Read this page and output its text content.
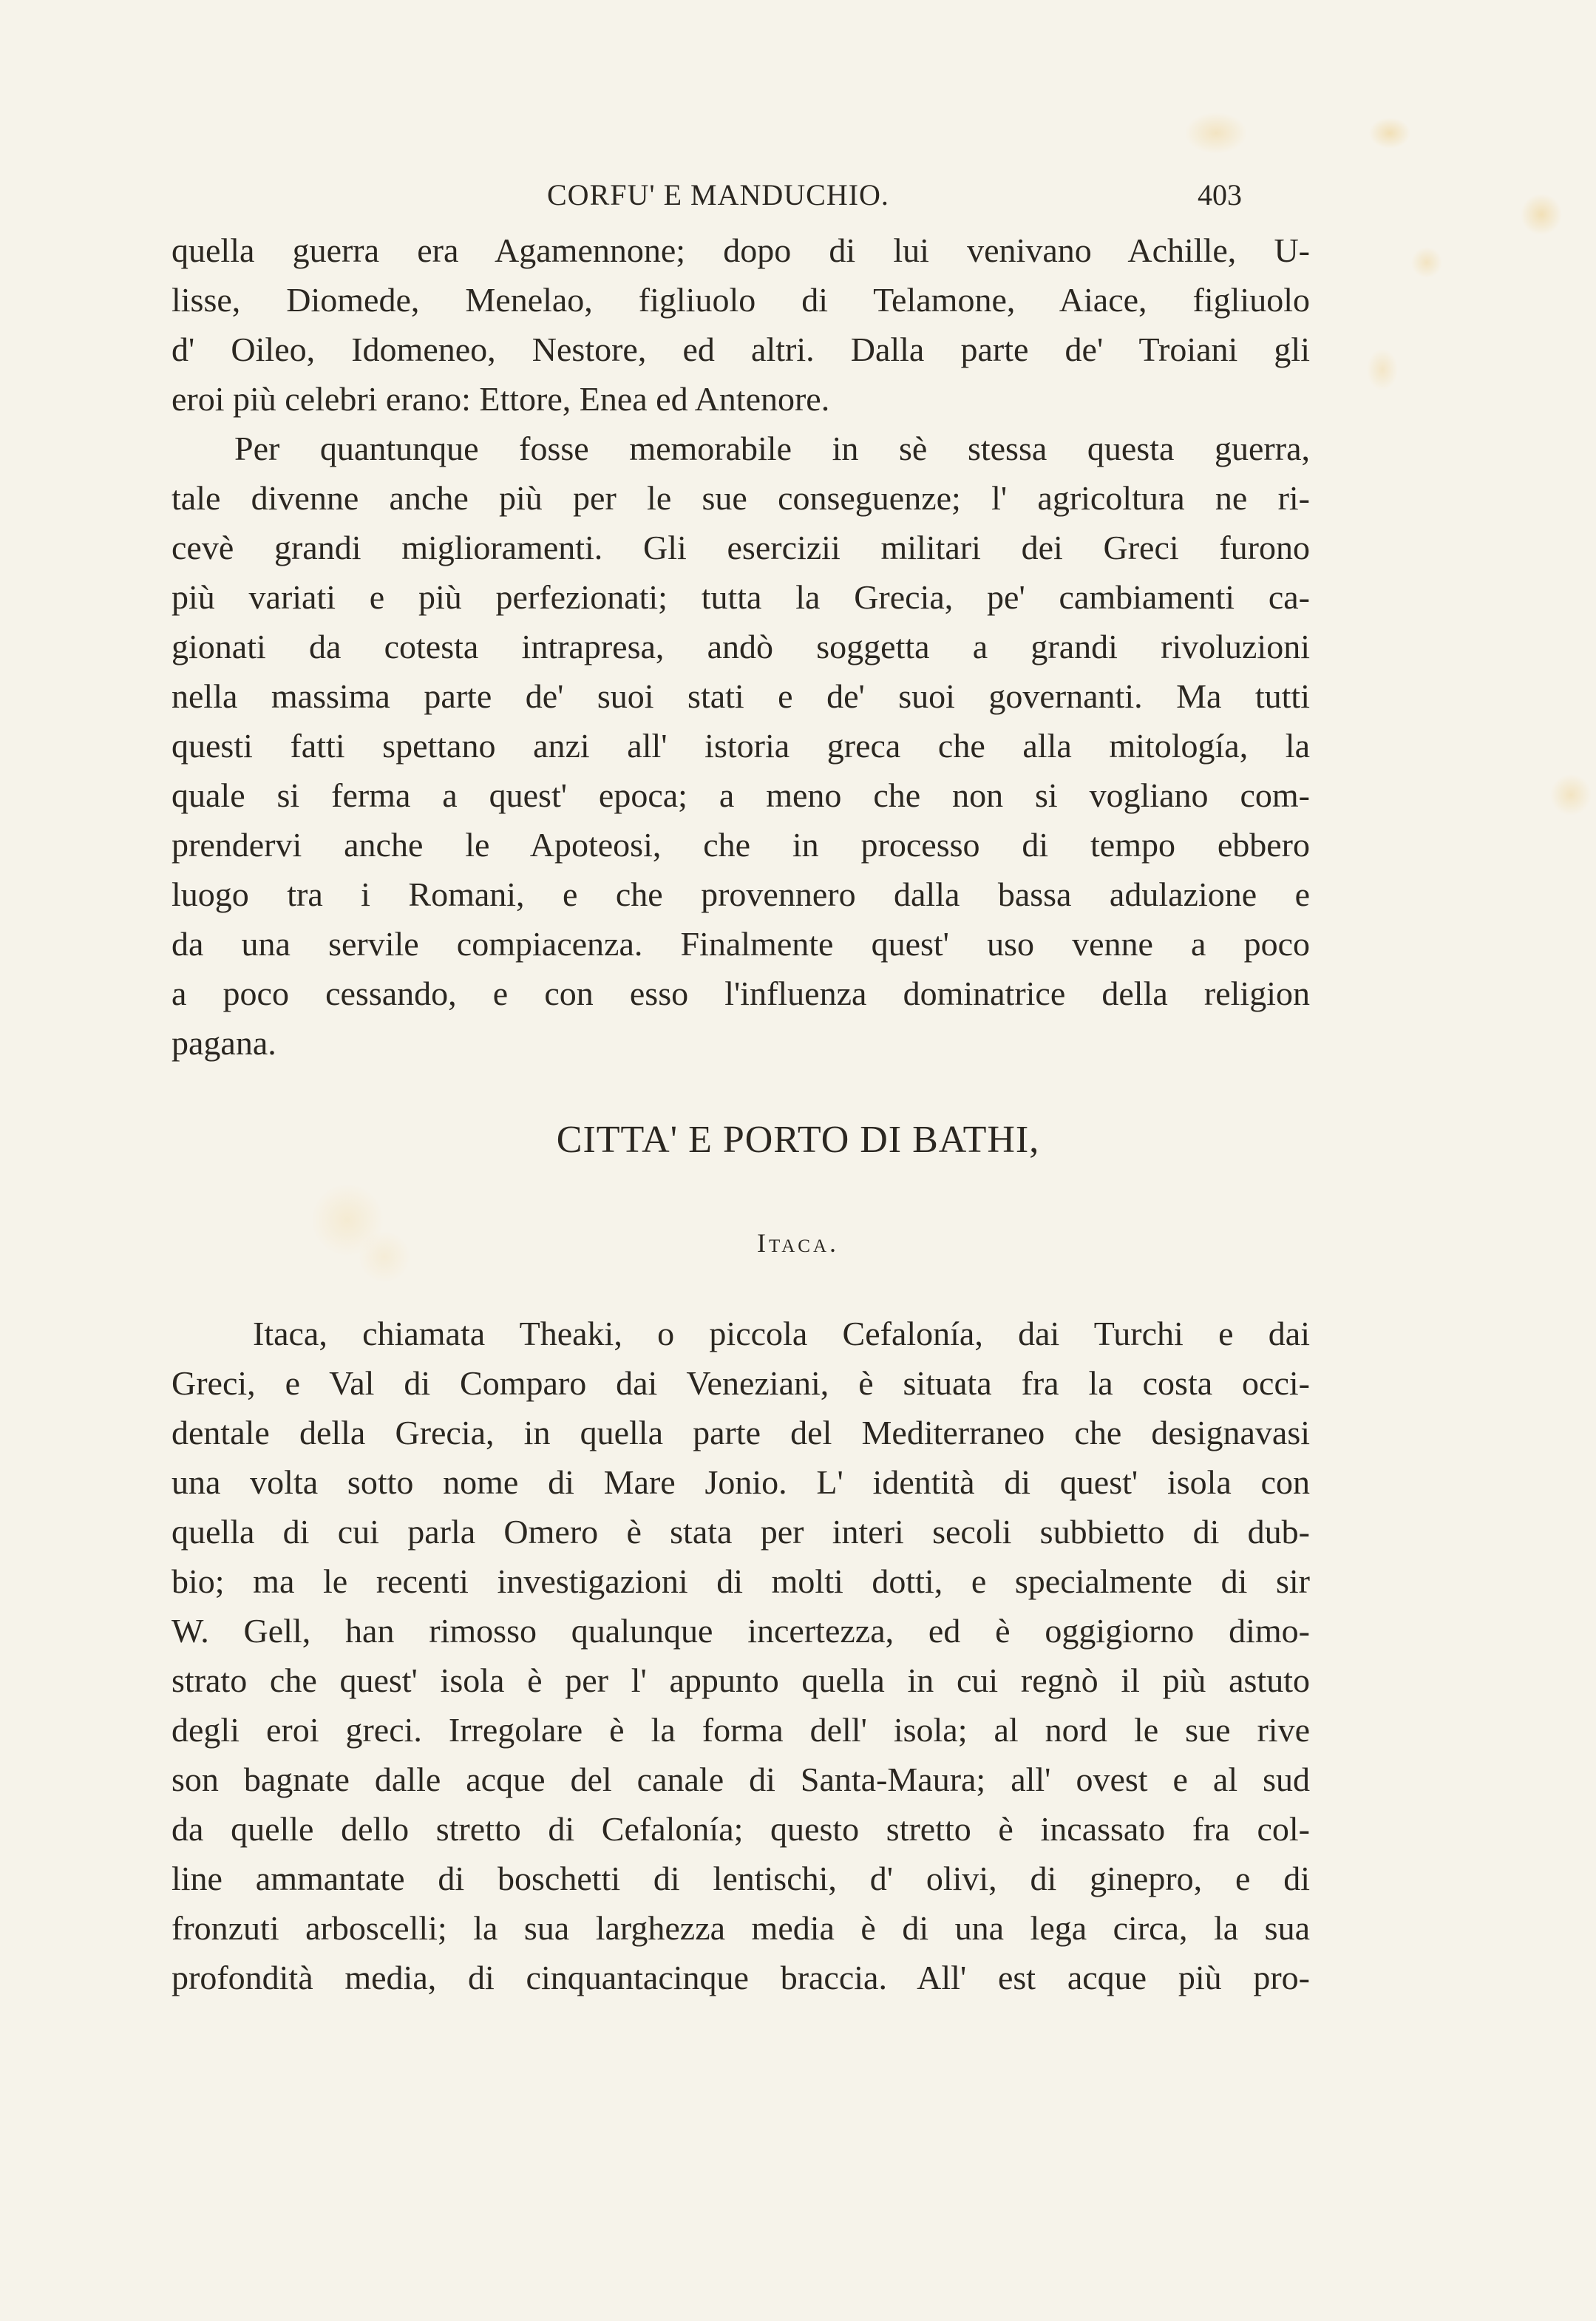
CORFU' E MANDUCHIO.	403
quella guerra era Agamennone; dopo di lui venivano Achille, U-
lisse, Diomede, Menelao, figliuolo di Telamone, Aiace, figliuolo
d' Oileo, Idomeneo, Nestore, ed altri. Dalla parte de' Troiani gli
eroi più celebri erano: Ettore, Enea ed Antenore.
Per quantunque fosse memorabile in sè stessa questa guerra,
tale divenne anche più per le sue conseguenze; l' agricoltura ne ri-
cevè grandi miglioramenti. Gli esercizii militari dei Greci furono
più variati e più perfezionati; tutta la Grecia, pe' cambiamenti ca-
gionati da cotesta intrapresa, andò soggetta a grandi rivoluzioni
nella massima parte de' suoi stati e de' suoi governanti. Ma tutti
questi fatti spettano anzi all' istoria greca che alla mitología, la
quale si ferma a quest' epoca; a meno che non si vogliano com-
prendervi anche le Apoteosi, che in processo di tempo ebbero
luogo tra i Romani, e che provennero dalla bassa adulazione e
da una servile compiacenza. Finalmente quest' uso venne a poco
a poco cessando, e con esso l'influenza dominatrice della religion
pagana.
CITTA' E PORTO DI BATHI,
Itaca.
Itaca, chiamata Theaki, o piccola Cefalonía, dai Turchi e dai
Greci, e Val di Comparo dai Veneziani, è situata fra la costa occi-
dentale della Grecia, in quella parte del Mediterraneo che designavasi
una volta sotto nome di Mare Jonio. L' identità di quest' isola con
quella di cui parla Omero è stata per interi secoli subbietto di dub-
bio; ma le recenti investigazioni di molti dotti, e specialmente di sir
W. Gell, han rimosso qualunque incertezza, ed è oggigiorno dimo-
strato che quest' isola è per l' appunto quella in cui regnò il più astuto
degli eroi greci. Irregolare è la forma dell' isola; al nord le sue rive
son bagnate dalle acque del canale di Santa-Maura; all' ovest e al sud
da quelle dello stretto di Cefalonía; questo stretto è incassato fra col-
line ammantate di boschetti di lentischi, d' olivi, di ginepro, e di
fronzuti arboscelli; la sua larghezza media è di una lega circa, la sua
profondità media, di cinquantacinque braccia. All' est acque più pro-
